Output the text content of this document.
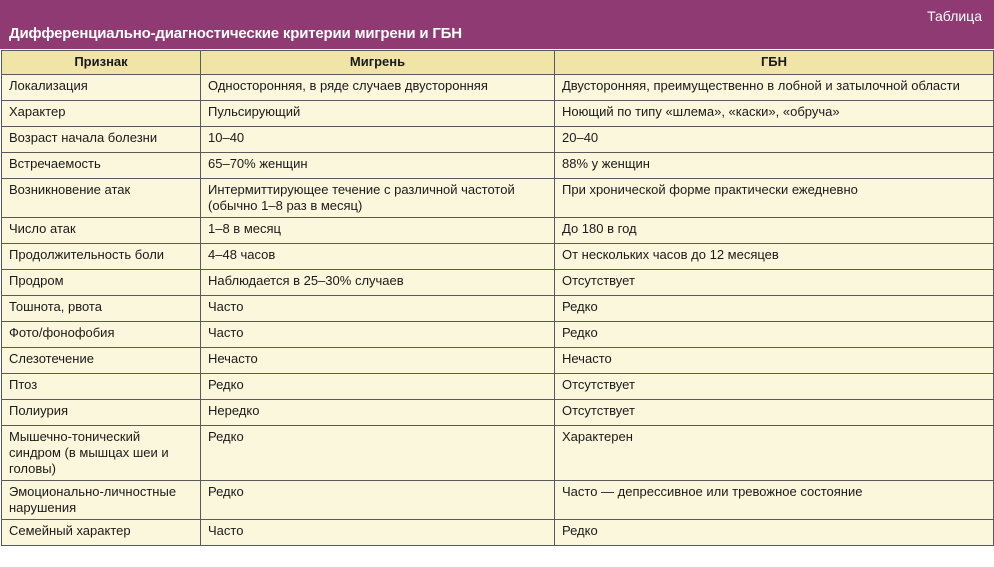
Таблица
Дифференциально-диагностические критерии мигрени и ГБН
Признак	Мигрень	ГБН
Локализация	Односторонняя, в ряде случаев двусторонняя	Двусторонняя, преимущественно в лобной и затылочной области
Характер	Пульсирующий	Ноющий по типу «шлема», «каски», «обруча»
Возраст начала болезни	10–40	20–40
Встречаемость	65–70% женщин	88% у женщин
Возникновение атак	Интермиттирующее течение с различной частотой (обычно 1–8 раз в месяц)	При хронической форме практически ежедневно
Число атак	1–8 в месяц	До 180 в год
Продолжительность боли	4–48 часов	От нескольких часов до 12 месяцев
Продром	Наблюдается в 25–30% случаев	Отсутствует
Тошнота, рвота	Часто	Редко
Фото/фонофобия	Часто	Редко
Слезотечение	Нечасто	Нечасто
Птоз	Редко	Отсутствует
Полиурия	Нередко	Отсутствует
Мышечно-тонический синдром (в мышцах шеи и головы)	Редко	Характерен
Эмоционально-личностные нарушения	Редко	Часто — депрессивное или тревожное состояние
Семейный характер	Часто	Редко
